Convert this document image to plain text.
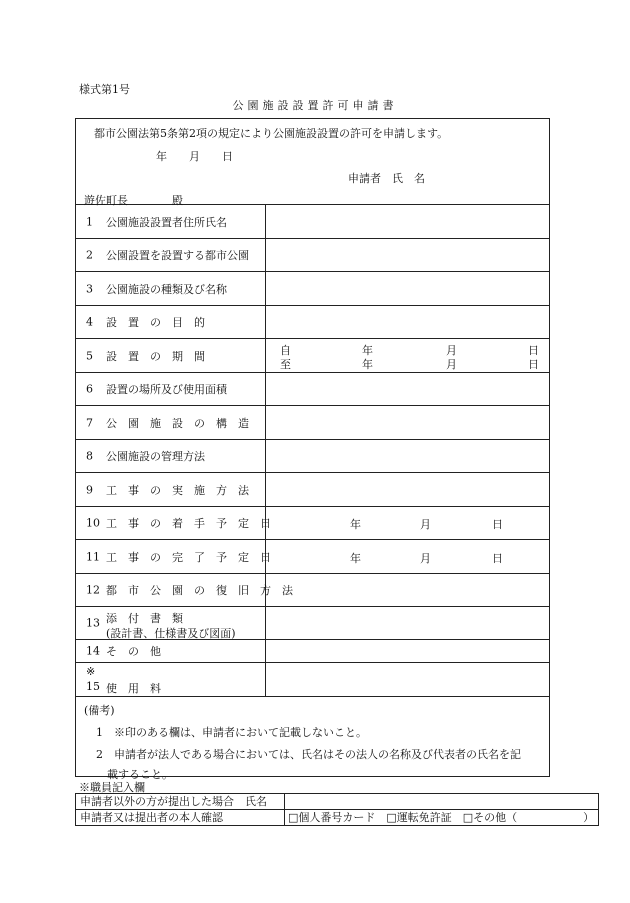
様式第1号
公園施設設置許可申請書
都市公園法第5条第2項の規定により公園施設設置の許可を申請します。
年　　月　　日
申請者　氏　名
遊佐町長　　　　殿
1 公園施設設置者住所氏名
2 公園設置を設置する都市公園
3 公園施設の種類及び名称
4 設　置　の　目　的
5 設　置　の　期　間	自	年	月	日
至	年	月	日
6 設置の場所及び使用面積
7 公　園　施　設　の　構　造
8 公園施設の管理方法
9 工　事　の　実　施　方　法
10 工　事　の　着　手　予　定　日	年	月	日
11 工　事　の　完　了　予　定　日	年	月	日
12 都　市　公　園　の　復　旧　方　法
13 添　付　書　類
(設計書、仕様書及び図面)
14 そ　の　他
※
15 使　用　料
(備考)
1　※印のある欄は、申請者において記載しないこと。
2　申請者が法人である場合においては、氏名はその法人の名称及び代表者の氏名を記
　載すること。
※職員記入欄
申請者以外の方が提出した場合　氏名
申請者又は提出者の本人確認	□個人番号カード　□運転免許証　□その他（　　　　　　）
